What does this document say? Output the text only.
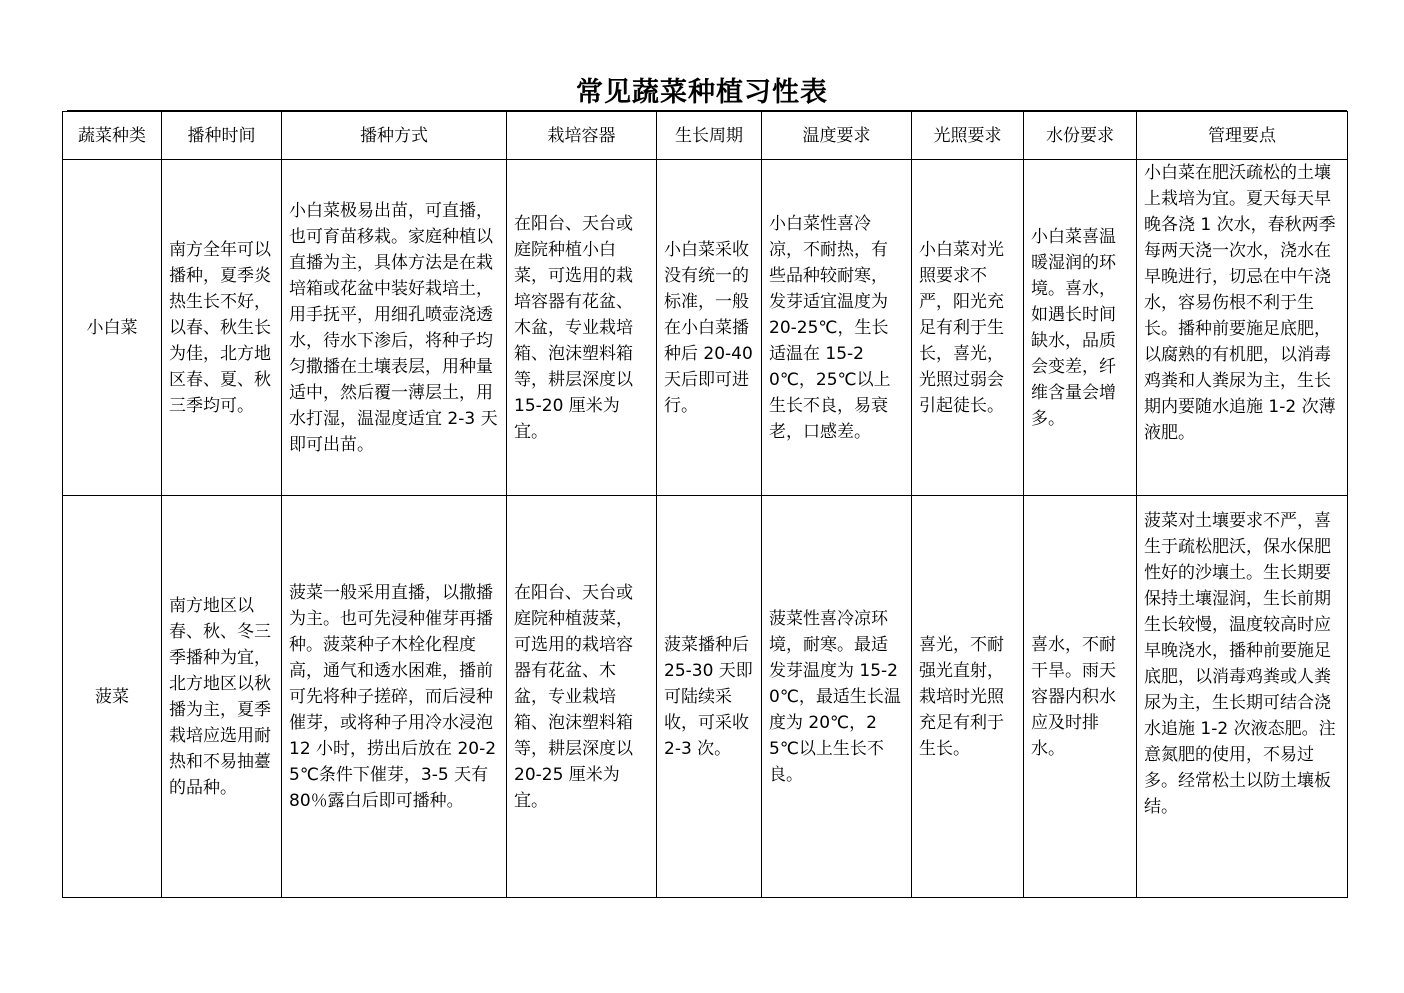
常见蔬菜种植习性表
蔬菜种类	播种时间	播种方式	栽培容器	生长周期	温度要求	光照要求	水份要求	管理要点
小白菜	南方全年可以播种，夏季炎热生长不好，以春、秋生长为佳，北方地区春、夏、秋三季均可。	小白菜极易出苗，可直播，也可育苗移栽。家庭种植以直播为主，具体方法是在栽培箱或花盆中装好栽培土，用手抚平，用细孔喷壶浇透水，待水下渗后，将种子均匀撒播在土壤表层，用种量适中，然后覆一薄层土，用水打湿，温湿度适宜 2-3 天即可出苗。	在阳台、天台或庭院种植小白菜，可选用的栽培容器有花盆、木盆，专业栽培箱、泡沫塑料箱等，耕层深度以 15-20 厘米为宜。	小白菜采收没有统一的标准，一般在小白菜播种后 20-40 天后即可进行。	小白菜性喜冷凉，不耐热，有些品种较耐寒，发芽适宜温度为 20-25℃，生长适温在 15-20℃，25℃以上生长不良，易衰老，口感差。	小白菜对光照要求不严，阳光充足有利于生长，喜光，光照过弱会引起徒长。	小白菜喜温暖湿润的环境。喜水，如遇长时间缺水，品质会变差，纤维含量会增多。	小白菜在肥沃疏松的土壤上栽培为宜。夏天每天早晚各浇 1 次水，春秋两季每两天浇一次水，浇水在早晚进行，切忌在中午浇水，容易伤根不利于生长。播种前要施足底肥，以腐熟的有机肥，以消毒鸡粪和人粪尿为主，生长期内要随水追施 1-2 次薄液肥。
菠菜	南方地区以春、秋、冬三季播种为宜，北方地区以秋播为主，夏季栽培应选用耐热和不易抽薹的品种。	菠菜一般采用直播，以撒播为主。也可先浸种催芽再播种。菠菜种子木栓化程度高，通气和透水困难，播前可先将种子搓碎，而后浸种催芽，或将种子用冷水浸泡 12 小时，捞出后放在 20-25℃条件下催芽，3-5 天有 80％露白后即可播种。	在阳台、天台或庭院种植菠菜，可选用的栽培容器有花盆、木盆，专业栽培箱、泡沫塑料箱等，耕层深度以 20-25 厘米为宜。	菠菜播种后 25-30 天即可陆续采收，可采收 2-3 次。	菠菜性喜冷凉环境，耐寒。最适发芽温度为 15-20℃，最适生长温度为 20℃，25℃以上生长不良。	喜光，不耐强光直射，栽培时光照充足有利于生长。	喜水，不耐干旱。雨天容器内积水应及时排水。	菠菜对土壤要求不严，喜生于疏松肥沃，保水保肥性好的沙壤土。生长期要保持土壤湿润，生长前期生长较慢，温度较高时应早晚浇水，播种前要施足底肥，以消毒鸡粪或人粪尿为主，生长期可结合浇水追施 1-2 次液态肥。注意氮肥的使用，不易过多。经常松土以防土壤板结。
